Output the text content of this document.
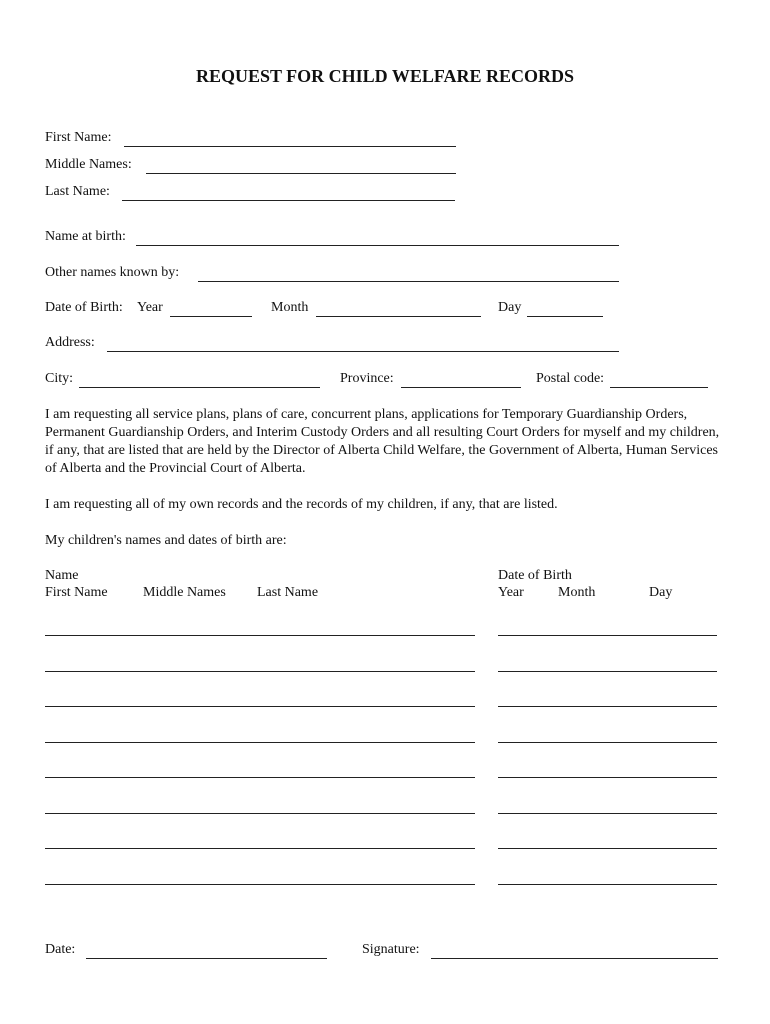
REQUEST FOR CHILD WELFARE RECORDS
First Name:
Middle Names:
Last Name:
Name at birth:
Other names known by:
Date of Birth: Year	Month	Day
Address:
City:	Province:	Postal code:
I am requesting all service plans, plans of care, concurrent plans, applications for Temporary Guardianship Orders, Permanent Guardianship Orders, and Interim Custody Orders and all resulting Court Orders for myself and my children, if any, that are listed that are held by the Director of Alberta Child Welfare, the Government of Alberta, Human Services of Alberta and the Provincial Court of Alberta.
I am requesting all of my own records and the records of my children, if any, that are listed.
My children's names and dates of birth are:
Name
First Name	Middle Names Last Name
Date of Birth
Year Month	Day
Date:	Signature:
